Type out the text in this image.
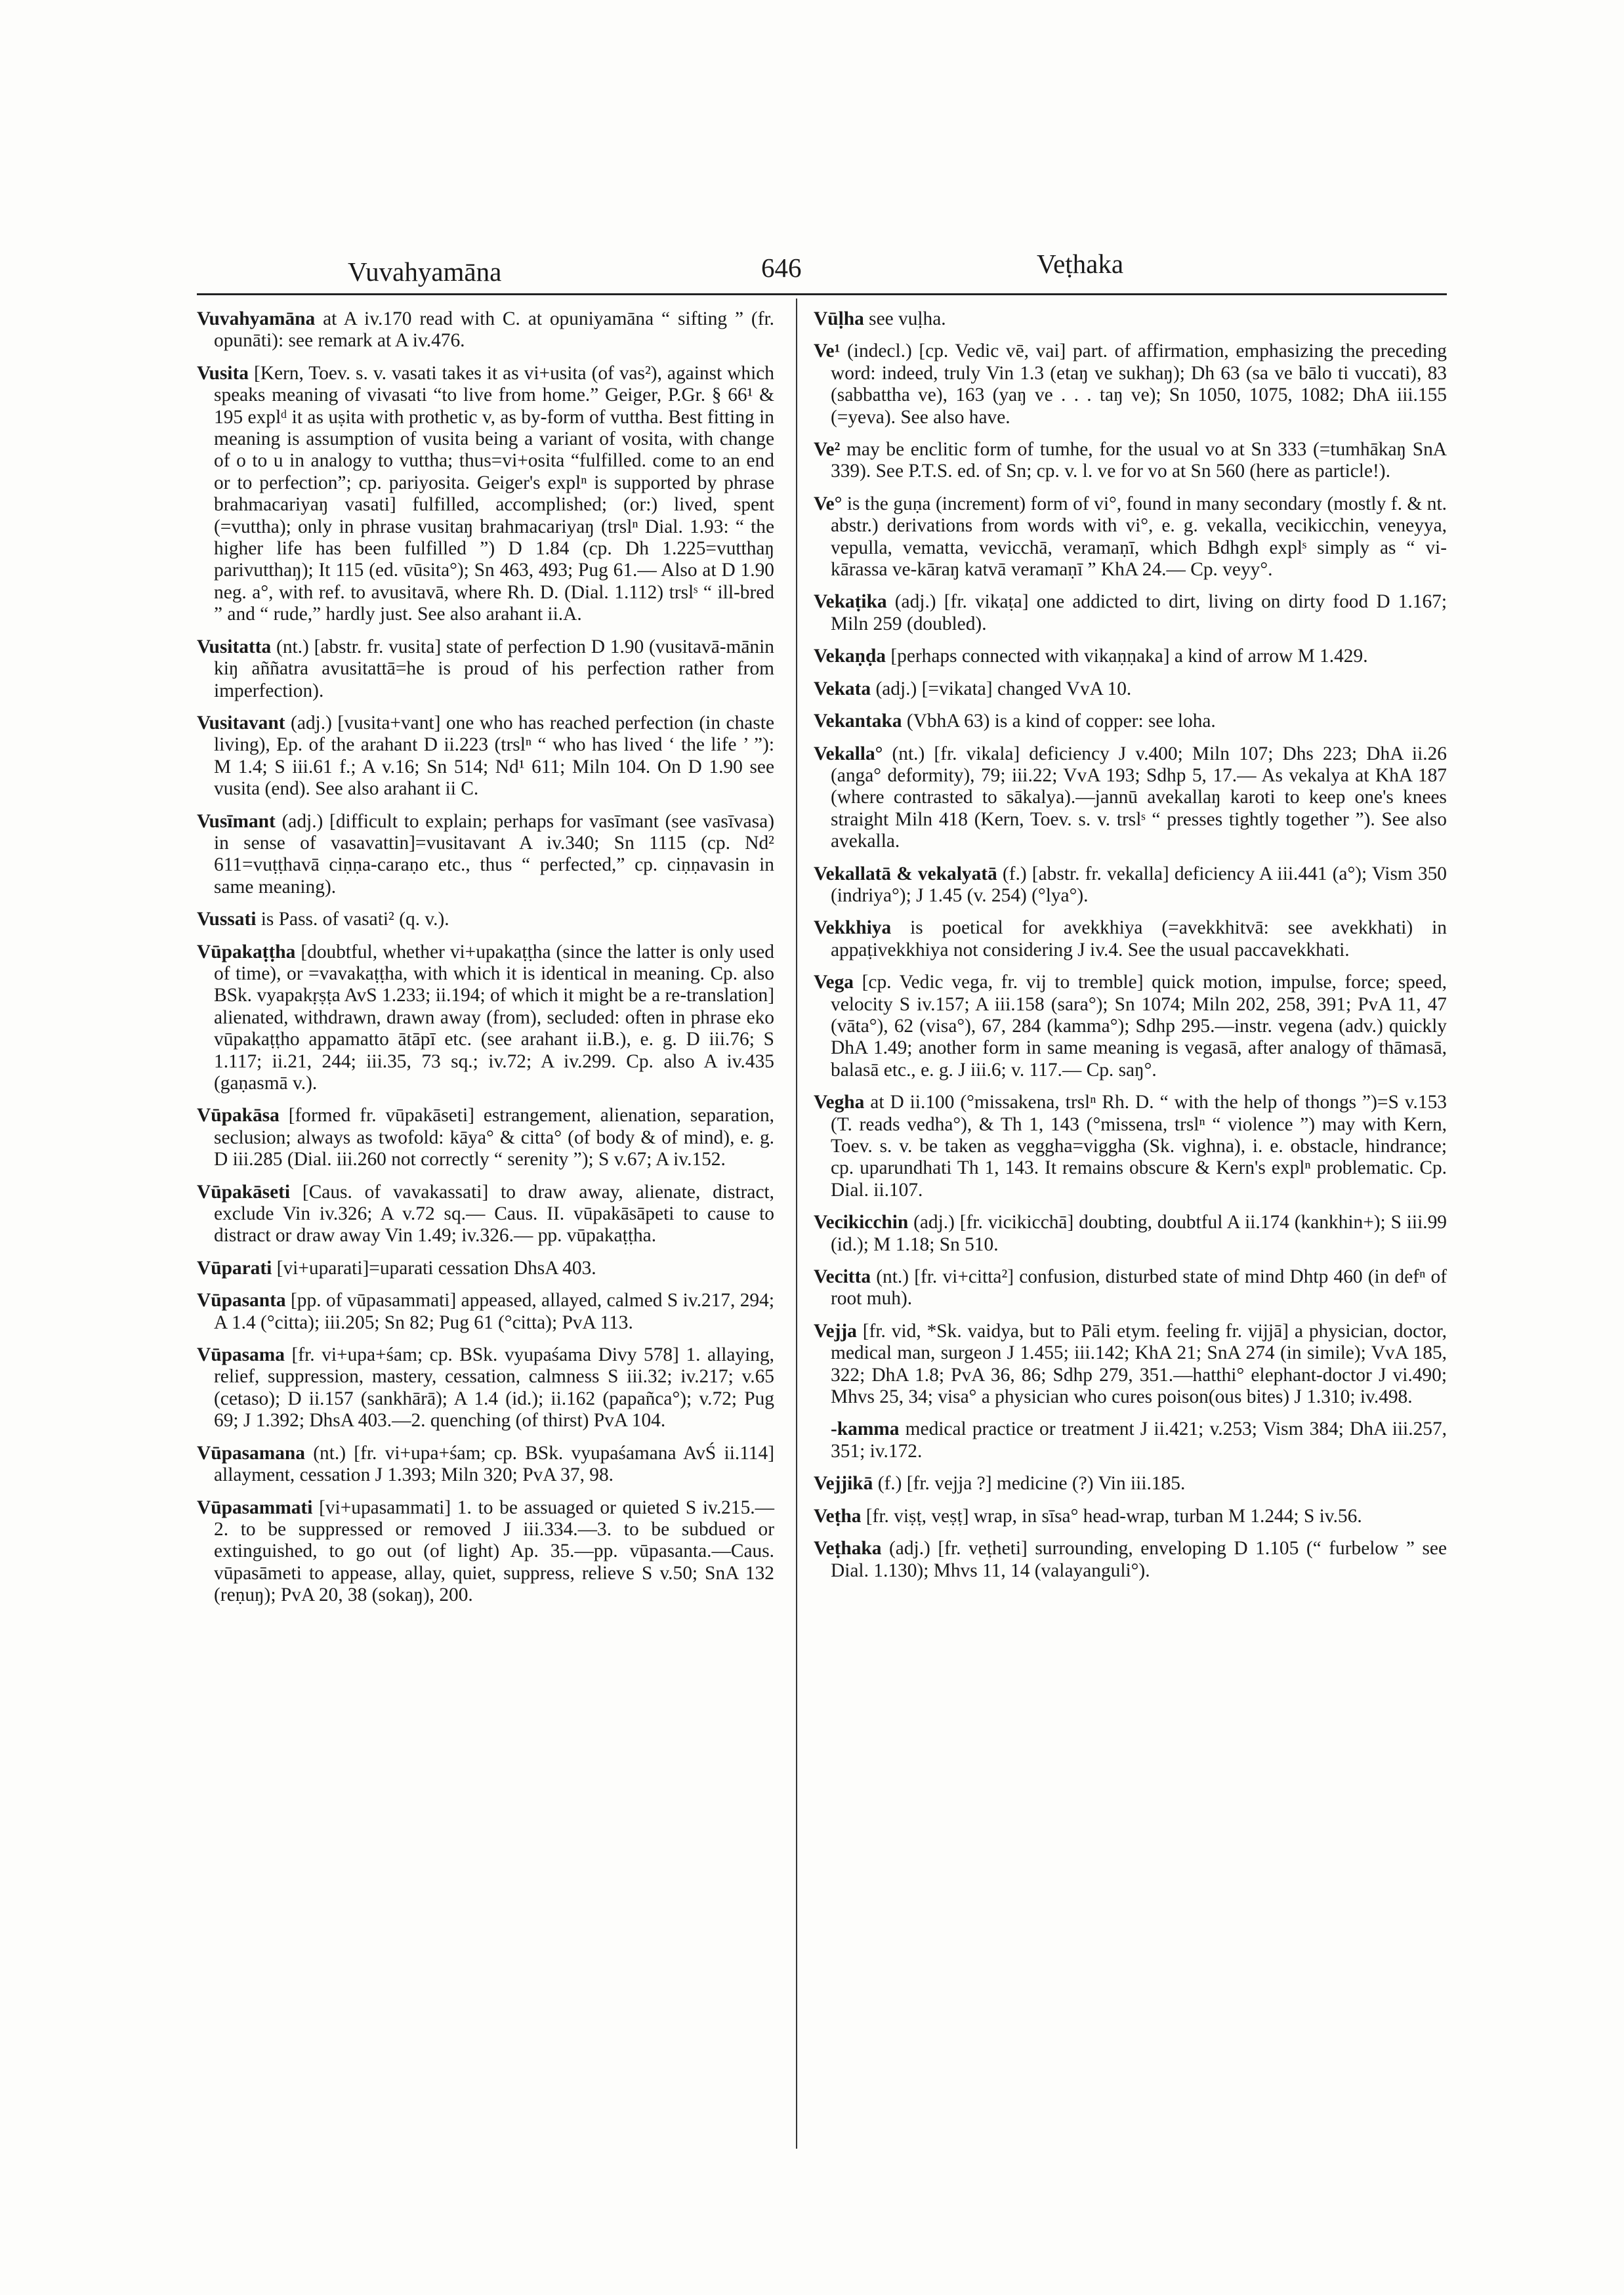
Vuvahyamāna	646	Veṭhaka

Vuvahyamāna at A iv.170 read with C. at opuniyamāna “ sifting ” (fr. opunāti): see remark at A iv.476.

Vusita [Kern, Toev. s. v. vasati takes it as vi+usita (of vas²), against which speaks meaning of vivasati “to live from home.” Geiger, P.Gr. § 66¹ & 195 explᵈ it as uṣita with prothetic v, as by-form of vuttha. Best fitting in meaning is assumption of vusita being a variant of vosita, with change of o to u in analogy to vuttha; thus=vi+osita “fulfilled. come to an end or to perfection”; cp. pariyosita. Geiger's explⁿ is supported by phrase brahmacariyaŋ vasati] fulfilled, accomplished; (or:) lived, spent (=vuttha); only in phrase vusitaŋ brahmacariyaŋ (trslⁿ Dial. 1.93: “ the higher life has been fulfilled ”) D 1.84 (cp. Dh 1.225=vutthaŋ parivutthaŋ); It 115 (ed. vūsita°); Sn 463, 493; Pug 61.— Also at D 1.90 neg. a°, with ref. to avusitavā, where Rh. D. (Dial. 1.112) trslˢ “ ill-bred ” and “ rude,” hardly just. See also arahant ii.A.

Vusitatta (nt.) [abstr. fr. vusita] state of perfection D 1.90 (vusitavā-mānin kiŋ aññatra avusitattā=he is proud of his perfection rather from imperfection).

Vusitavant (adj.) [vusita+vant] one who has reached perfection (in chaste living), Ep. of the arahant D ii.223 (trslⁿ “ who has lived ‘ the life ’ ”): M 1.4; S iii.61 f.; A v.16; Sn 514; Nd¹ 611; Miln 104. On D 1.90 see vusita (end). See also arahant ii C.

Vusīmant (adj.) [difficult to explain; perhaps for vasīmant (see vasīvasa) in sense of vasavattin]=vusitavant A iv.340; Sn 1115 (cp. Nd² 611=vuṭṭhavā ciṇṇa-caraṇo etc., thus “ perfected,” cp. ciṇṇavasin in same meaning).

Vussati is Pass. of vasati² (q. v.).

Vūpakaṭṭha [doubtful, whether vi+upakaṭṭha (since the latter is only used of time), or =vavakaṭṭha, with which it is identical in meaning. Cp. also BSk. vyapakṛṣṭa AvS 1.233; ii.194; of which it might be a re-translation] alienated, withdrawn, drawn away (from), secluded: often in phrase eko vūpakaṭṭho appamatto ātāpī etc. (see arahant ii.B.), e. g. D iii.76; S 1.117; ii.21, 244; iii.35, 73 sq.; iv.72; A iv.299. Cp. also A iv.435 (gaṇasmā v.).

Vūpakāsa [formed fr. vūpakāseti] estrangement, alienation, separation, seclusion; always as twofold: kāya° & citta° (of body & of mind), e. g. D iii.285 (Dial. iii.260 not correctly “ serenity ”); S v.67; A iv.152.

Vūpakāseti [Caus. of vavakassati] to draw away, alienate, distract, exclude Vin iv.326; A v.72 sq.— Caus. II. vūpakāsāpeti to cause to distract or draw away Vin 1.49; iv.326.— pp. vūpakaṭṭha.

Vūparati [vi+uparati]=uparati cessation DhsA 403.

Vūpasanta [pp. of vūpasammati] appeased, allayed, calmed S iv.217, 294; A 1.4 (°citta); iii.205; Sn 82; Pug 61 (°citta); PvA 113.

Vūpasama [fr. vi+upa+śam; cp. BSk. vyupaśama Divy 578] 1. allaying, relief, suppression, mastery, cessation, calmness S iii.32; iv.217; v.65 (cetaso); D ii.157 (sankhārā); A 1.4 (id.); ii.162 (papañca°); v.72; Pug 69; J 1.392; DhsA 403.—2. quenching (of thirst) PvA 104.

Vūpasamana (nt.) [fr. vi+upa+śam; cp. BSk. vyupaśamana AvŚ ii.114] allayment, cessation J 1.393; Miln 320; PvA 37, 98.

Vūpasammati [vi+upasammati] 1. to be assuaged or quieted S iv.215.—2. to be suppressed or removed J iii.334.—3. to be subdued or extinguished, to go out (of light) Ap. 35.—pp. vūpasanta.—Caus. vūpasāmeti to appease, allay, quiet, suppress, relieve S v.50; SnA 132 (reṇuŋ); PvA 20, 38 (sokaŋ), 200.

Vūḷha see vuḷha.

Ve¹ (indecl.) [cp. Vedic vē, vai] part. of affirmation, emphasizing the preceding word: indeed, truly Vin 1.3 (etaŋ ve sukhaŋ); Dh 63 (sa ve bālo ti vuccati), 83 (sabbattha ve), 163 (yaŋ ve . . . taŋ ve); Sn 1050, 1075, 1082; DhA iii.155 (=yeva). See also have.

Ve² may be enclitic form of tumhe, for the usual vo at Sn 333 (=tumhākaŋ SnA 339). See P.T.S. ed. of Sn; cp. v. l. ve for vo at Sn 560 (here as particle!).

Ve° is the guṇa (increment) form of vi°, found in many secondary (mostly f. & nt. abstr.) derivations from words with vi°, e. g. vekalla, vecikicchin, veneyya, vepulla, vematta, vevicchā, veramaṇī, which Bdhgh explˢ simply as “ vi-kārassa ve-kāraŋ katvā veramaṇī ” KhA 24.— Cp. veyy°.

Vekaṭika (adj.) [fr. vikaṭa] one addicted to dirt, living on dirty food D 1.167; Miln 259 (doubled).

Vekaṇḍa [perhaps connected with vikaṇṇaka] a kind of arrow M 1.429.

Vekata (adj.) [=vikata] changed VvA 10.

Vekantaka (VbhA 63) is a kind of copper: see loha.

Vekalla° (nt.) [fr. vikala] deficiency J v.400; Miln 107; Dhs 223; DhA ii.26 (anga° deformity), 79; iii.22; VvA 193; Sdhp 5, 17.— As vekalya at KhA 187 (where contrasted to sākalya).—jannū avekallaŋ karoti to keep one's knees straight Miln 418 (Kern, Toev. s. v. trslˢ “ presses tightly together ”). See also avekalla.

Vekallatā & vekalyatā (f.) [abstr. fr. vekalla] deficiency A iii.441 (a°); Vism 350 (indriya°); J 1.45 (v. 254) (°lya°).

Vekkhiya is poetical for avekkhiya (=avekkhitvā: see avekkhati) in appaṭivekkhiya not considering J iv.4. See the usual paccavekkhati.

Vega [cp. Vedic vega, fr. vij to tremble] quick motion, impulse, force; speed, velocity S iv.157; A iii.158 (sara°); Sn 1074; Miln 202, 258, 391; PvA 11, 47 (vāta°), 62 (visa°), 67, 284 (kamma°); Sdhp 295.—instr. vegena (adv.) quickly DhA 1.49; another form in same meaning is vegasā, after analogy of thāmasā, balasā etc., e. g. J iii.6; v. 117.— Cp. saŋ°.

Vegha at D ii.100 (°missakena, trslⁿ Rh. D. “ with the help of thongs ”)=S v.153 (T. reads vedha°), & Th 1, 143 (°missena, trslⁿ “ violence ”) may with Kern, Toev. s. v. be taken as veggha=viggha (Sk. vighna), i. e. obstacle, hindrance; cp. uparundhati Th 1, 143. It remains obscure & Kern's explⁿ problematic. Cp. Dial. ii.107.

Vecikicchin (adj.) [fr. vicikicchā] doubting, doubtful A ii.174 (kankhin+); S iii.99 (id.); M 1.18; Sn 510.

Vecitta (nt.) [fr. vi+citta²] confusion, disturbed state of mind Dhtp 460 (in defⁿ of root muh).

Vejja [fr. vid, *Sk. vaidya, but to Pāli etym. feeling fr. vijjā] a physician, doctor, medical man, surgeon J 1.455; iii.142; KhA 21; SnA 274 (in simile); VvA 185, 322; DhA 1.8; PvA 36, 86; Sdhp 279, 351.—hatthi° elephant-doctor J vi.490; Mhvs 25, 34; visa° a physician who cures poison(ous bites) J 1.310; iv.498.

-kamma medical practice or treatment J ii.421; v.253; Vism 384; DhA iii.257, 351; iv.172.

Vejjikā (f.) [fr. vejja ?] medicine (?) Vin iii.185.

Veṭha [fr. viṣṭ, veṣṭ] wrap, in sīsa° head-wrap, turban M 1.244; S iv.56.

Veṭhaka (adj.) [fr. veṭheti] surrounding, enveloping D 1.105 (“ furbelow ” see Dial. 1.130); Mhvs 11, 14 (valayanguli°).
